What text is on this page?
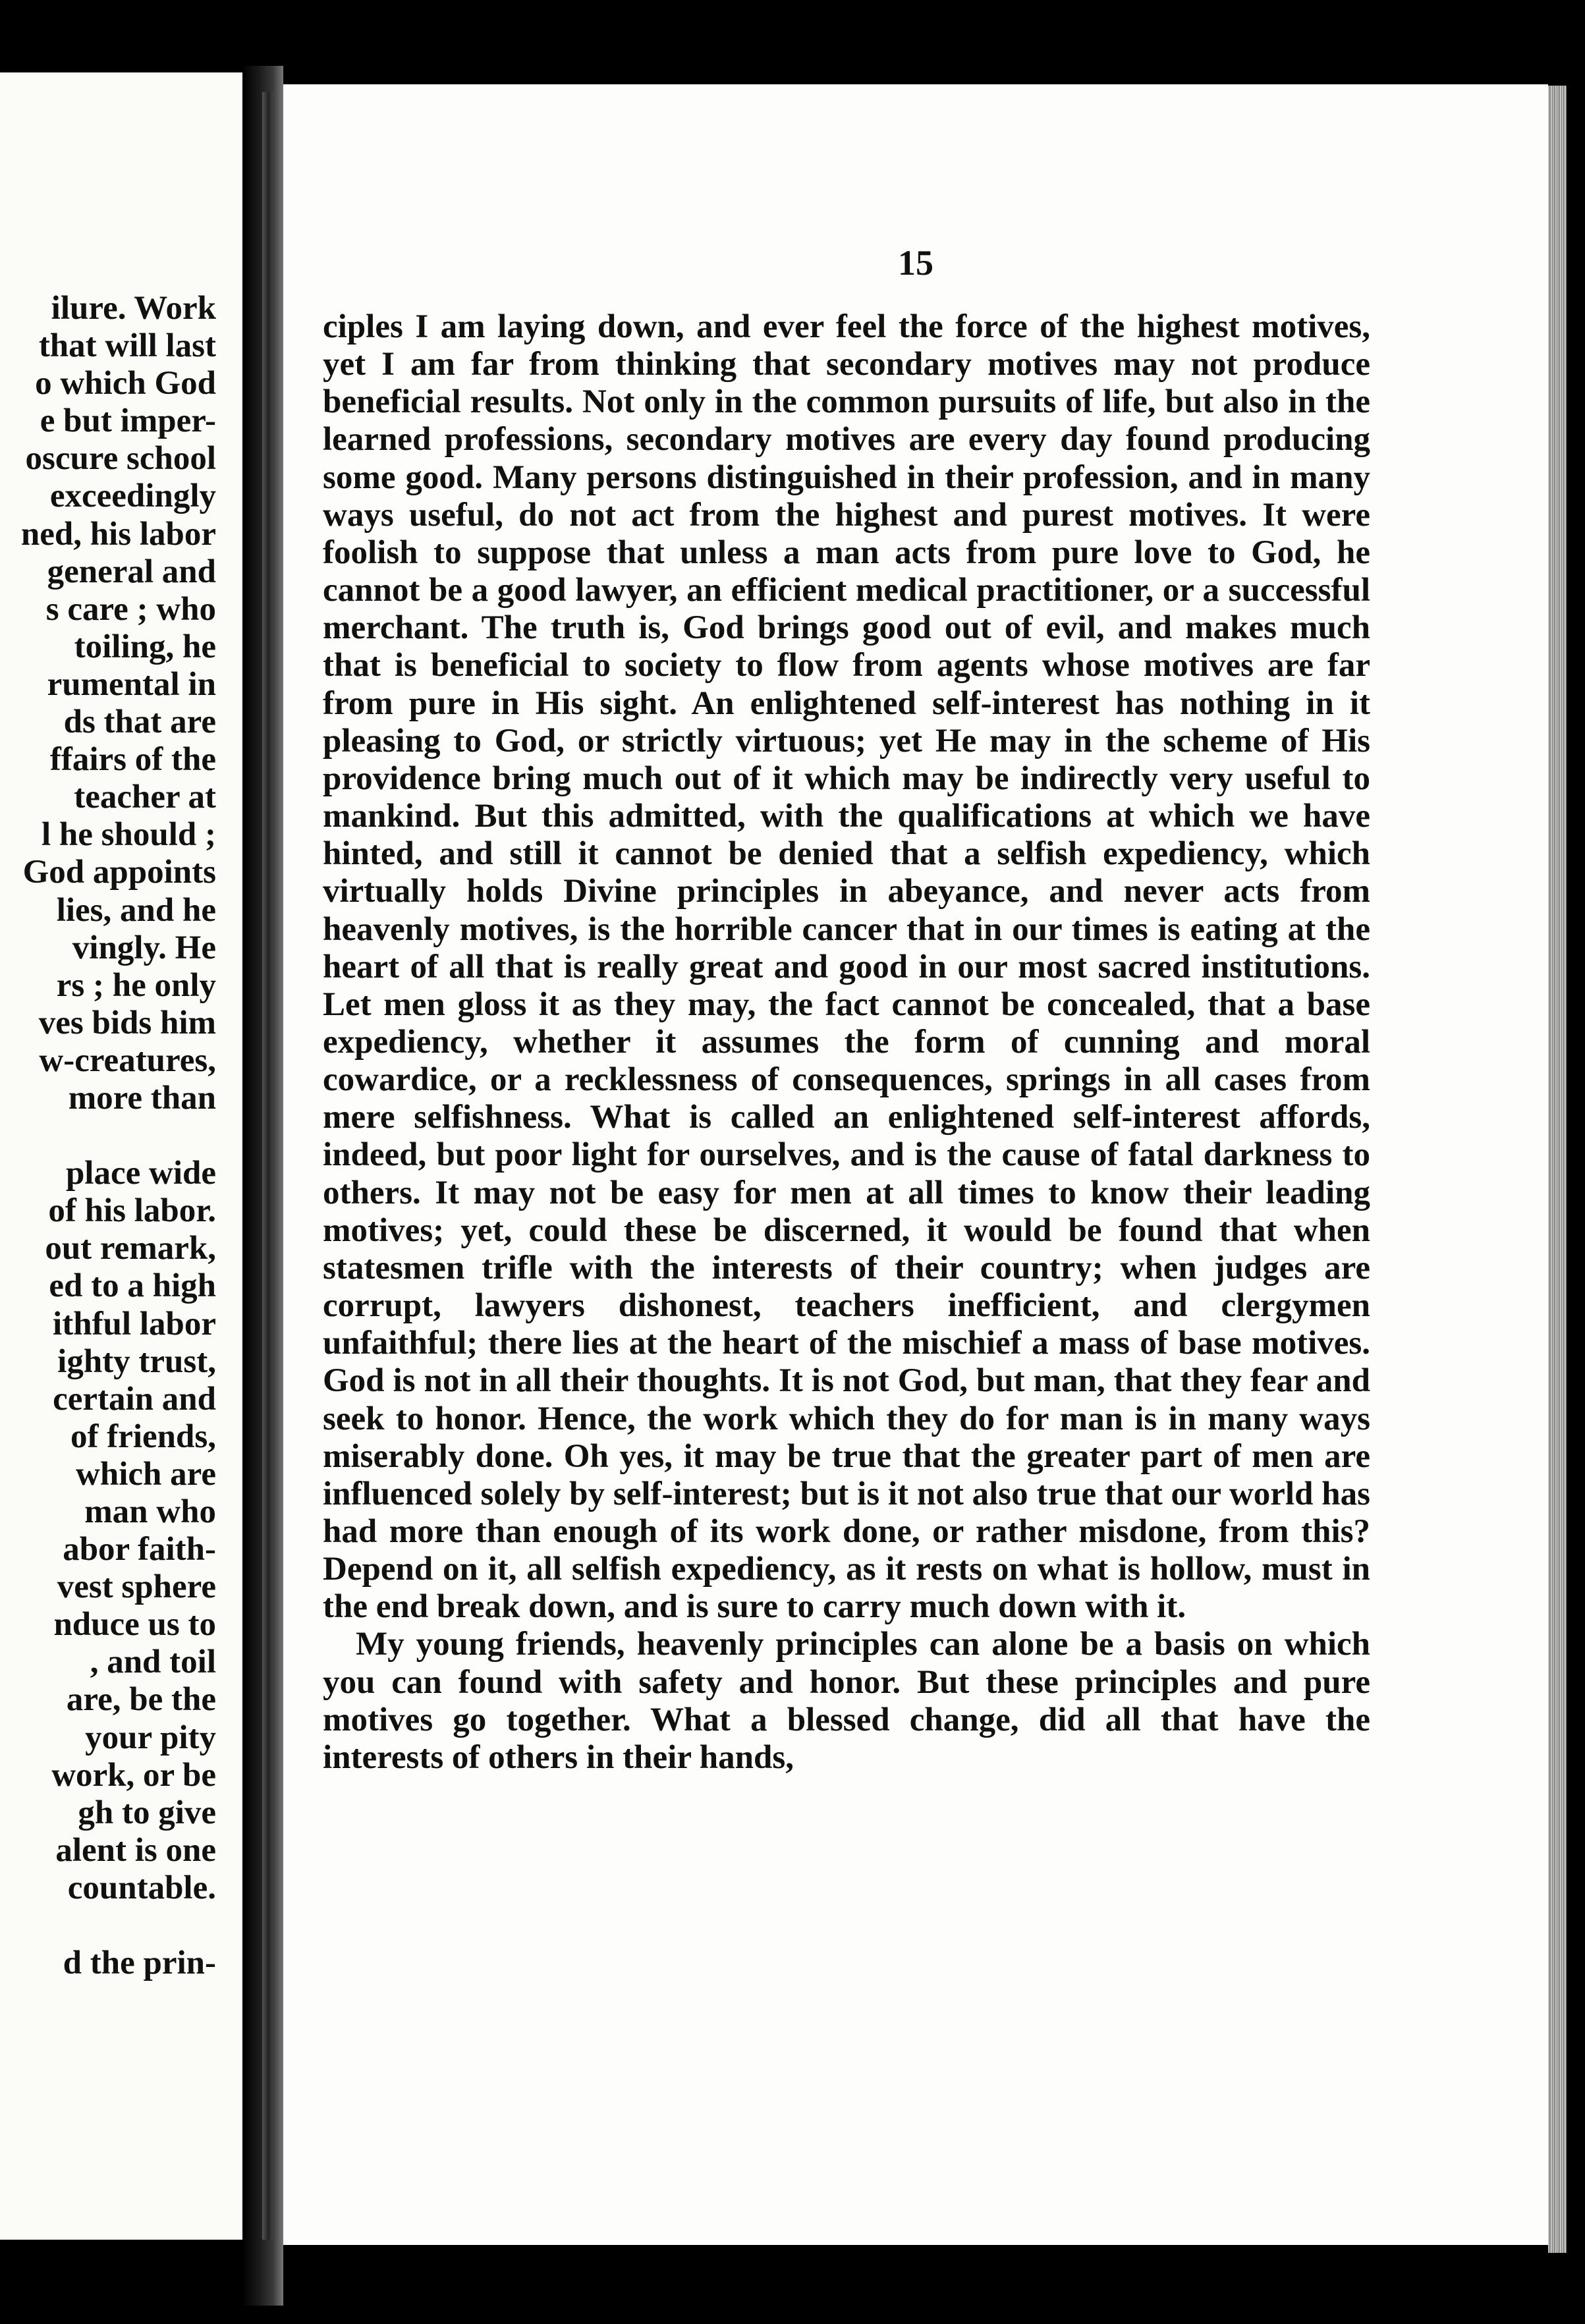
ilure. Work
that will last
o which God
e but imper-
oscure school
exceedingly
ned, his labor
general and
s care ; who
toiling, he
rumental in
ds that are
ffairs of the
teacher at
l he should ;
God appoints
lies, and he
vingly. He
rs ; he only
ves bids him
w-creatures,
more than
place wide
of his labor.
out remark,
ed to a high
ithful labor
ighty trust,
certain and
of friends,
which are
man who
abor faith-
vest sphere
nduce us to
, and toil
are, be the
your pity
work, or be
gh to give
alent is one
countable.
d the prin-
15

ciples I am laying down, and ever feel the force of the highest motives, yet I am far from thinking that secondary motives may not produce beneficial results. Not only in the common pursuits of life, but also in the learned professions, secondary motives are every day found producing some good. Many persons distinguished in their profession, and in many ways useful, do not act from the highest and purest motives. It were foolish to suppose that unless a man acts from pure love to God, he cannot be a good lawyer, an efficient medical practitioner, or a successful merchant. The truth is, God brings good out of evil, and makes much that is beneficial to society to flow from agents whose motives are far from pure in His sight. An enlightened self-interest has nothing in it pleasing to God, or strictly virtuous; yet He may in the scheme of His providence bring much out of it which may be indirectly very useful to mankind. But this admitted, with the qualifications at which we have hinted, and still it cannot be denied that a selfish expediency, which virtually holds Divine principles in abeyance, and never acts from heavenly motives, is the horrible cancer that in our times is eating at the heart of all that is really great and good in our most sacred institutions. Let men gloss it as they may, the fact cannot be concealed, that a base expediency, whether it assumes the form of cunning and moral cowardice, or a recklessness of consequences, springs in all cases from mere selfishness. What is called an enlightened self-interest affords, indeed, but poor light for ourselves, and is the cause of fatal darkness to others. It may not be easy for men at all times to know their leading motives; yet, could these be discerned, it would be found that when statesmen trifle with the interests of their country; when judges are corrupt, lawyers dishonest, teachers inefficient, and clergymen unfaithful; there lies at the heart of the mischief a mass of base motives. God is not in all their thoughts. It is not God, but man, that they fear and seek to honor. Hence, the work which they do for man is in many ways miserably done. Oh yes, it may be true that the greater part of men are influenced solely by self-interest; but is it not also true that our world has had more than enough of its work done, or rather misdone, from this? Depend on it, all selfish expediency, as it rests on what is hollow, must in the end break down, and is sure to carry much down with it.

My young friends, heavenly principles can alone be a basis on which you can found with safety and honor. But these principles and pure motives go together. What a blessed change, did all that have the interests of others in their hands,
